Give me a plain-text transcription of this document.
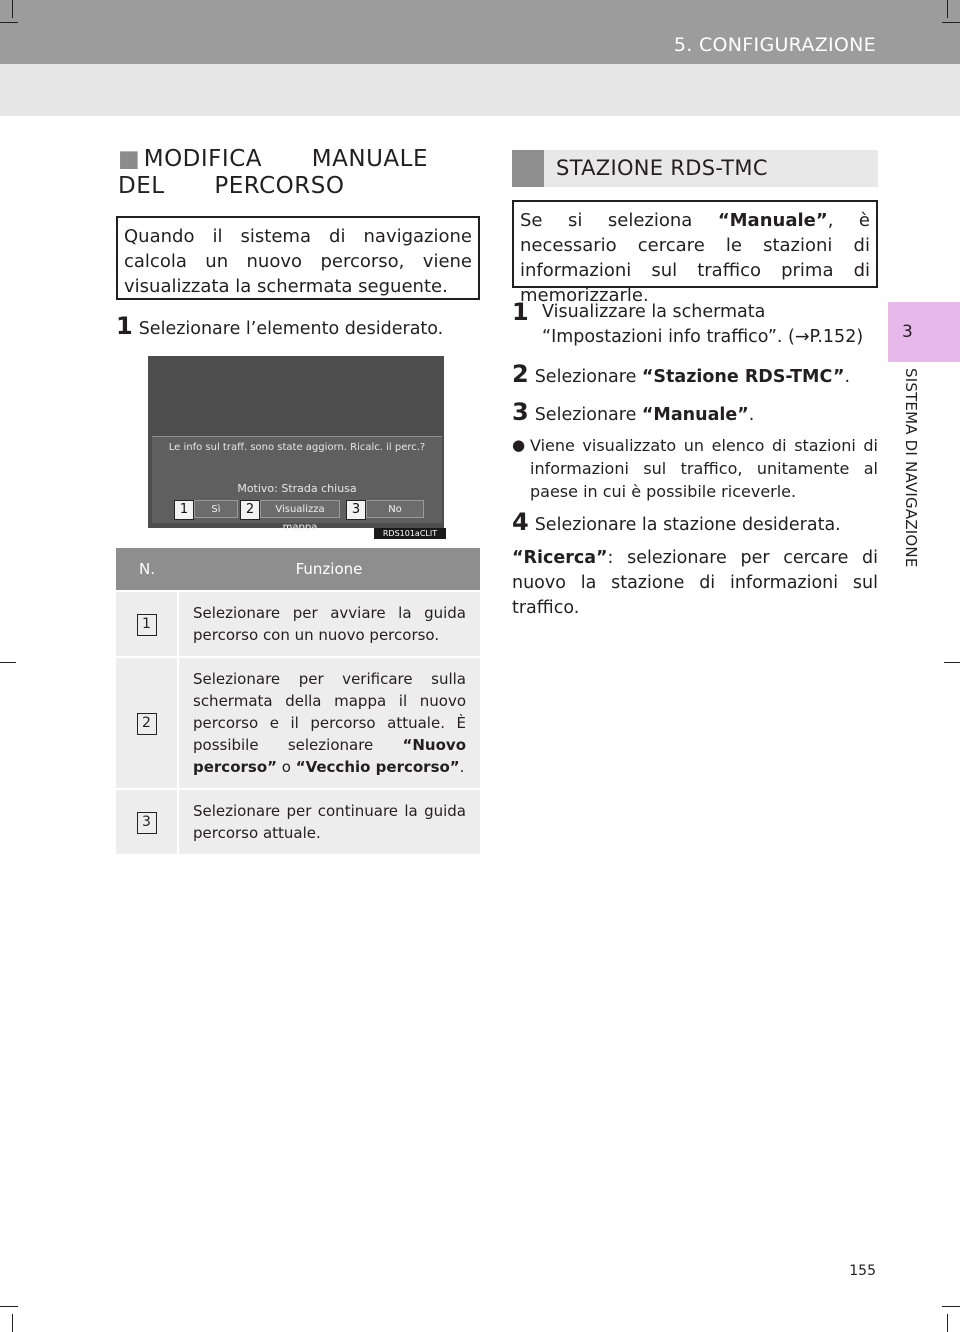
5. CONFIGURAZIONE
3
SISTEMA DI NAVIGAZIONE
■ MODIFICA MANUALE DEL PERCORSO
Quando il sistema di navigazione calcola un nuovo percorso, viene visualizzata la schermata seguente.
1 Selezionare l’elemento desiderato.
Le info sul traff. sono state aggiorn. Ricalc. il perc.?
Motivo: Strada chiusa
1	Sì	2	Visualizza mappa
3	No
RDS101aCLIT
N.	Funzione
1	Selezionare per avviare la guida percorso con un nuovo percorso.
2	Selezionare per verificare sulla schermata della mappa il nuovo percorso e il percorso attuale. È possibile selezionare “Nuovo percorso” o “Vecchio percorso”.
3	Selezionare per continuare la guida percorso attuale.
STAZIONE RDS-TMC
Se si seleziona “Manuale”, è necessario cercare le stazioni di informazioni sul traffico prima di memorizzarle.
1 Visualizzare la schermata “Impostazioni info traffico”. (→P.152)
2 Selezionare “Stazione RDS-TMC”.
3 Selezionare “Manuale”.
● Viene visualizzato un elenco di stazioni di informazioni sul traffico, unitamente al paese in cui è possibile riceverle.
4 Selezionare la stazione desiderata.
“Ricerca”: selezionare per cercare di nuovo la stazione di informazioni sul traffico.
155
